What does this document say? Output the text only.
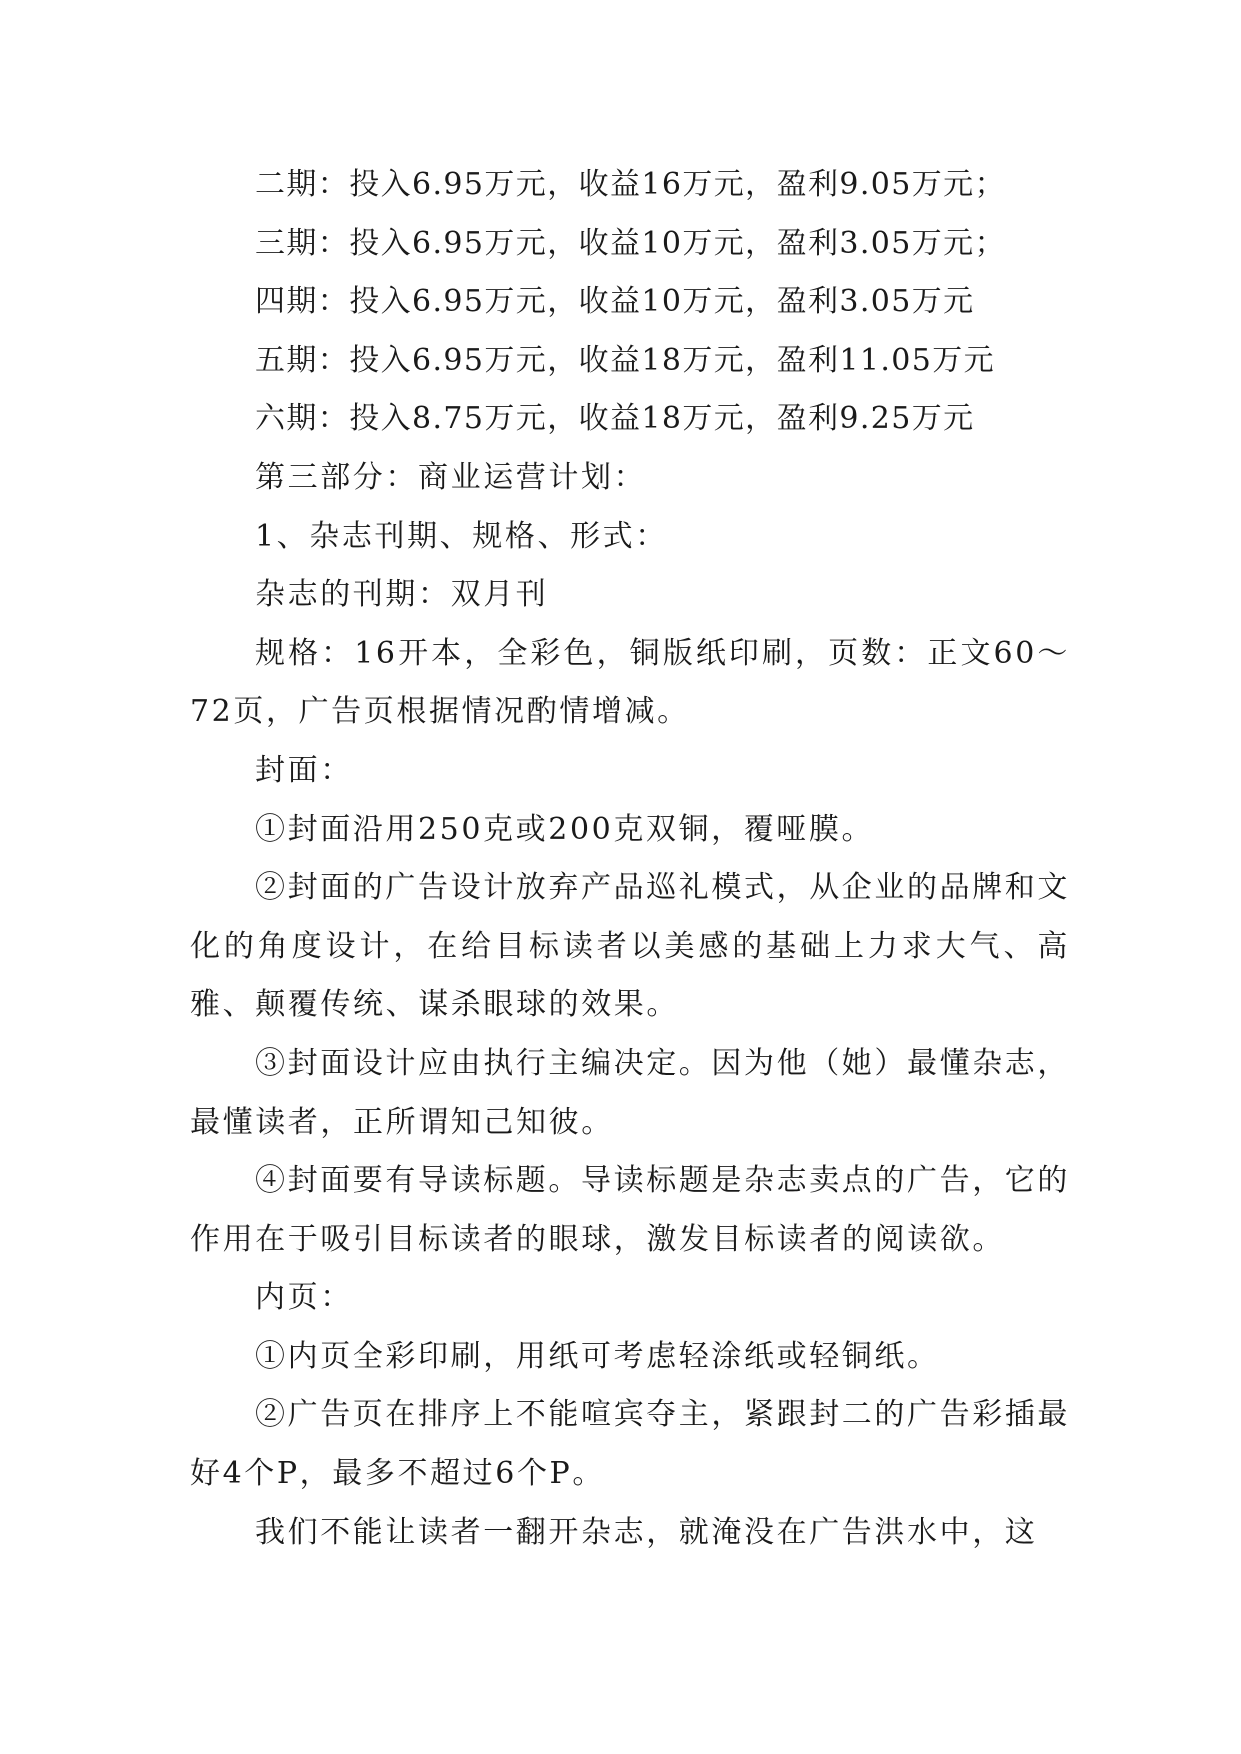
二期：投入6.95万元，收益16万元，盈利9.05万元；

三期：投入6.95万元，收益10万元，盈利3.05万元；

四期：投入6.95万元，收益10万元，盈利3.05万元

五期：投入6.95万元，收益18万元，盈利11.05万元

六期：投入8.75万元，收益18万元，盈利9.25万元

第三部分：商业运营计划：

1、杂志刊期、规格、形式：

杂志的刊期：双月刊

规格：16开本，全彩色，铜版纸印刷，页数：正文60～72页，广告页根据情况酌情增减。

封面：

①封面沿用250克或200克双铜，覆哑膜。

②封面的广告设计放弃产品巡礼模式，从企业的品牌和文化的角度设计，在给目标读者以美感的基础上力求大气、高雅、颠覆传统、谋杀眼球的效果。

③封面设计应由执行主编决定。因为他（她）最懂杂志，最懂读者，正所谓知己知彼。

④封面要有导读标题。导读标题是杂志卖点的广告，它的作用在于吸引目标读者的眼球，激发目标读者的阅读欲。

内页：

①内页全彩印刷，用纸可考虑轻涂纸或轻铜纸。

②广告页在排序上不能喧宾夺主，紧跟封二的广告彩插最好4个P，最多不超过6个P。

我们不能让读者一翻开杂志，就淹没在广告洪水中，这
